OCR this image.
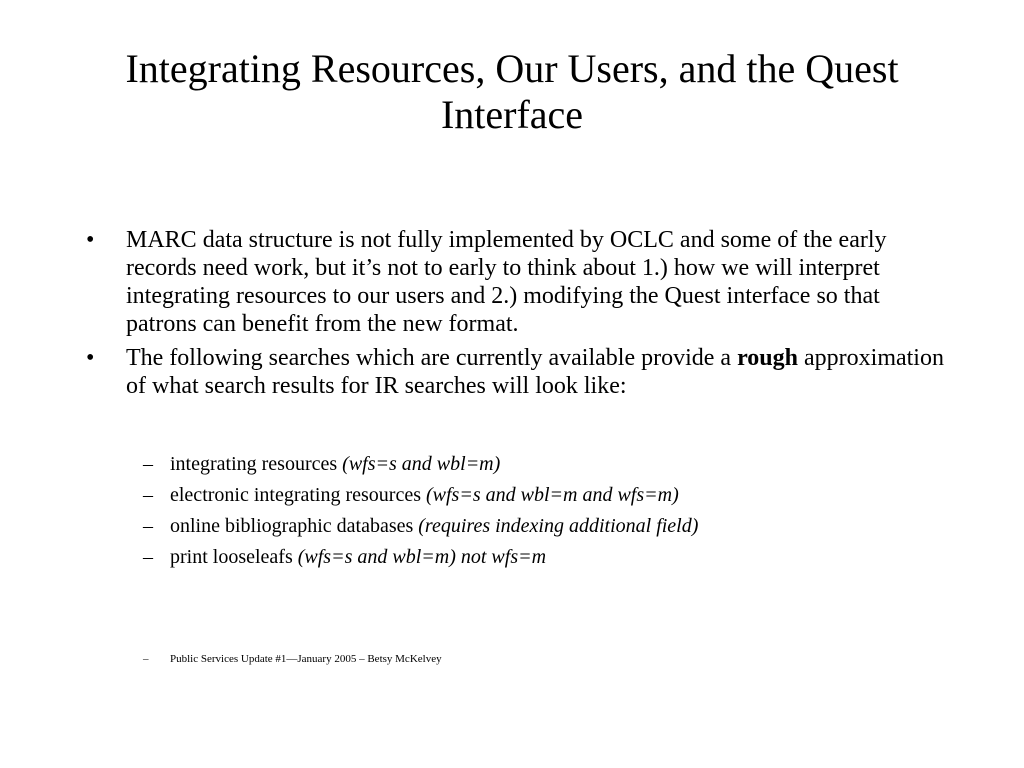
Integrating Resources, Our Users, and the Quest Interface
• MARC data structure is not fully implemented by OCLC and some of the early records need work, but it’s not to early to think about 1.) how we will interpret integrating resources to our users and 2.) modifying the Quest interface so that patrons can benefit from the new format.
• The following searches which are currently available provide a rough approximation of what search results for IR searches will look like:
– integrating resources (wfs=s and wbl=m)
– electronic integrating resources (wfs=s and wbl=m and wfs=m)
– online bibliographic databases (requires indexing additional field)
– print looseleafs (wfs=s and wbl=m) not wfs=m
– Public Services Update #1—January 2005 – Betsy McKelvey
